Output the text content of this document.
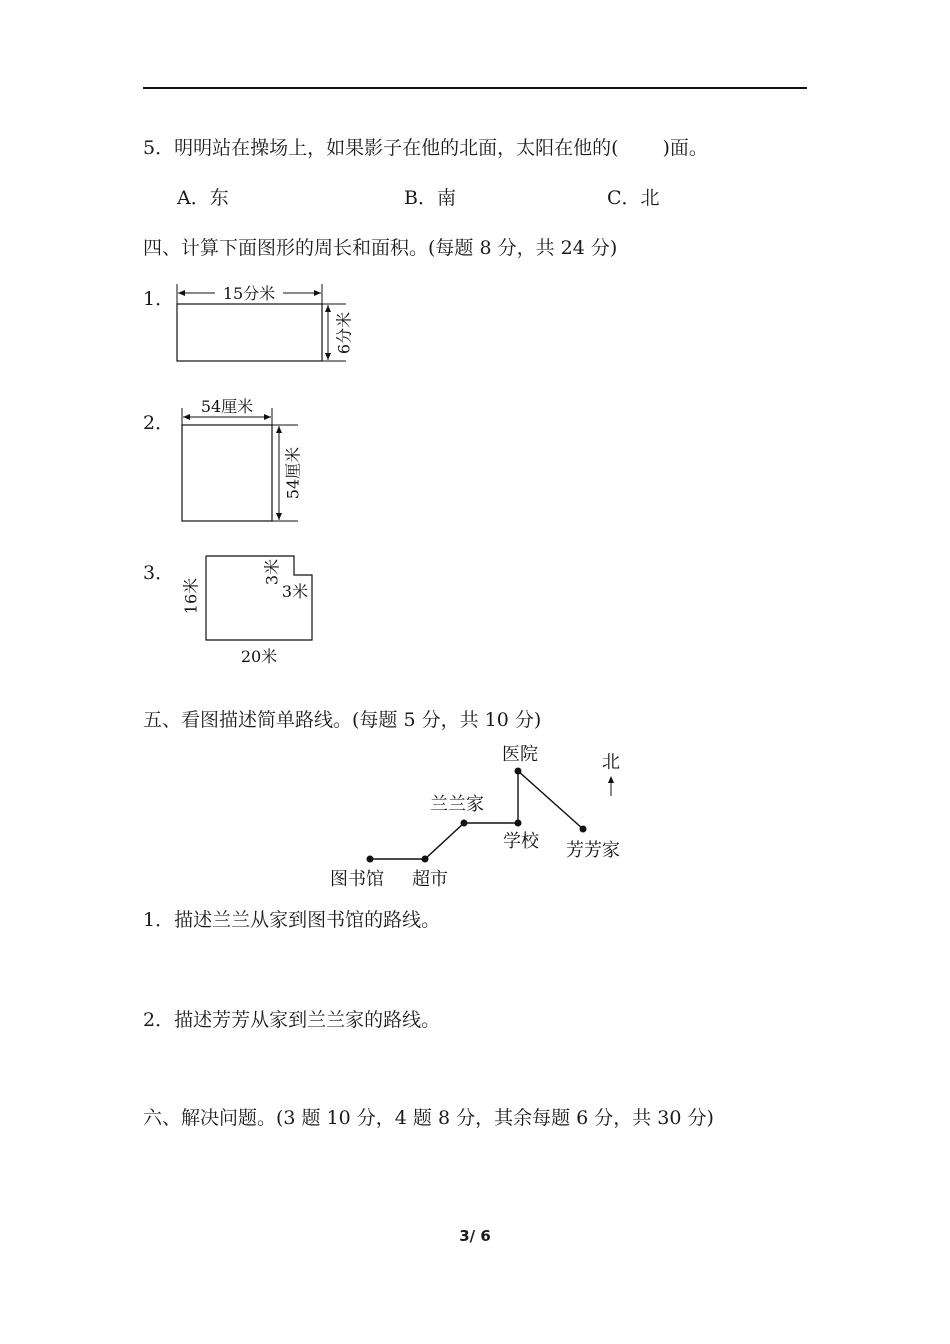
5．明明站在操场上，如果影子在他的北面，太阳在他的( )面。
A．东	B．南	C．北
四、计算下面图形的周长和面积。(每题 8 分，共 24 分)
1．	15分米
6分米
2．
54厘米
54厘米
3．
16米
20米
3米
3米
五、看图描述简单路线。(每题 5 分，共 10 分)
医院
兰兰家
学校 芳芳家
图书馆 超市
北
1．描述兰兰从家到图书馆的路线。
2．描述芳芳从家到兰兰家的路线。
六、解决问题。(3 题 10 分，4 题 8 分，其余每题 6 分，共 30 分)
3/ 6
